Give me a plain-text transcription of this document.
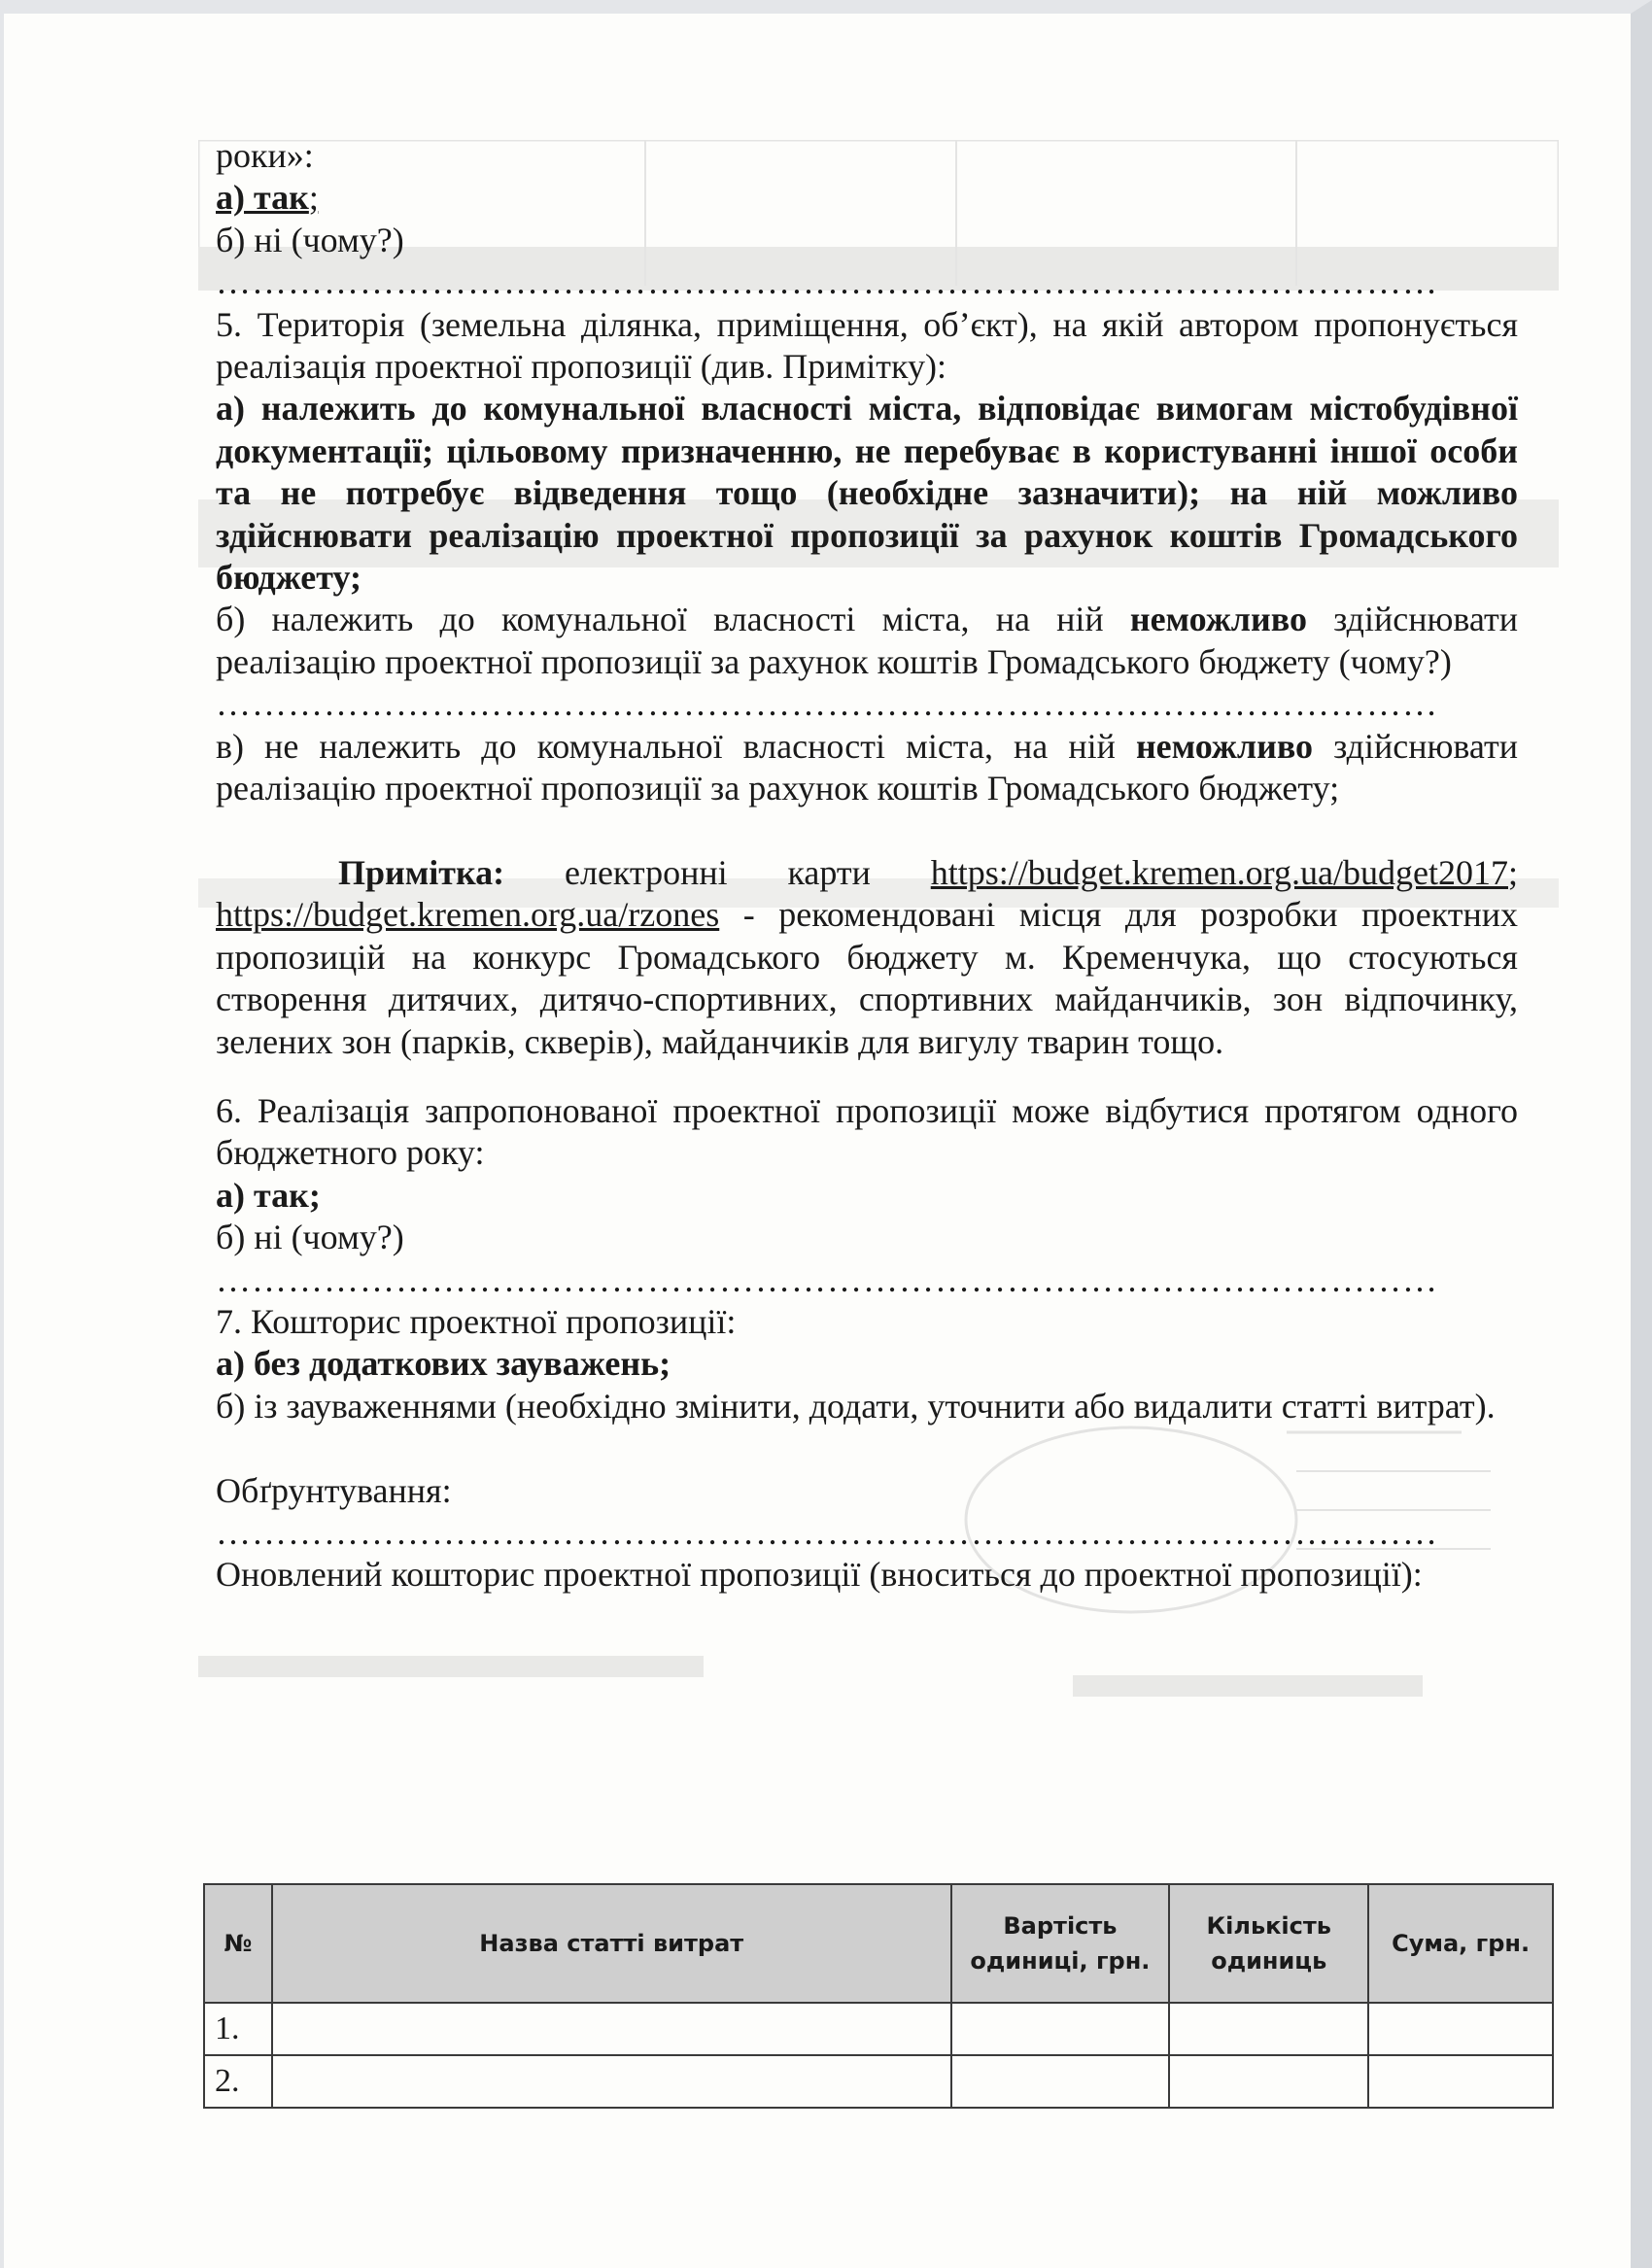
роки»:

а) так;

б) ні (чому?)

…………………………………………………………………………………………

5. Територія (земельна ділянка, приміщення, об’єкт), на якій автором пропонується реалізація проектної пропозиції (див. Примітку):

а) належить до комунальної власності міста, відповідає вимогам містобудівної документації; цільовому призначенню, не перебуває в користуванні іншої особи та не потребує відведення тощо (необхідне зазначити); на ній можливо здійснювати реалізацію проектної пропозиції за рахунок коштів Громадського бюджету;

б) належить до комунальної власності міста, на ній неможливо здійснювати реалізацію проектної пропозиції за рахунок коштів Громадського бюджету (чому?)

…………………………………………………………………………………………

в) не належить до комунальної власності міста, на ній неможливо здійснювати реалізацію проектної пропозиції за рахунок коштів Громадського бюджету;

Примітка: електронні карти https://budget.kremen.org.ua/budget2017; https://budget.kremen.org.ua/rzones - рекомендовані місця для розробки проектних пропозицій на конкурс Громадського бюджету м. Кременчука, що стосуються створення дитячих, дитячо-спортивних, спортивних майданчиків, зон відпочинку, зелених зон (парків, скверів), майданчиків для вигулу тварин тощо.

6. Реалізація запропонованої проектної пропозиції може відбутися протягом одного бюджетного року:

а) так;

б) ні (чому?)

…………………………………………………………………………………………

7. Кошторис проектної пропозиції:

а) без додаткових зауважень;

б) із зауваженнями (необхідно змінити, додати, уточнити або видалити статті витрат).

Обґрунтування:

…………………………………………………………………………………………

Оновлений кошторис проектної пропозиції (вноситься до проектної пропозиції):

№	Назва статті витрат	Вартість одиниці, грн.	Кількість одиниць	Сума, грн.
1.				
2.				
